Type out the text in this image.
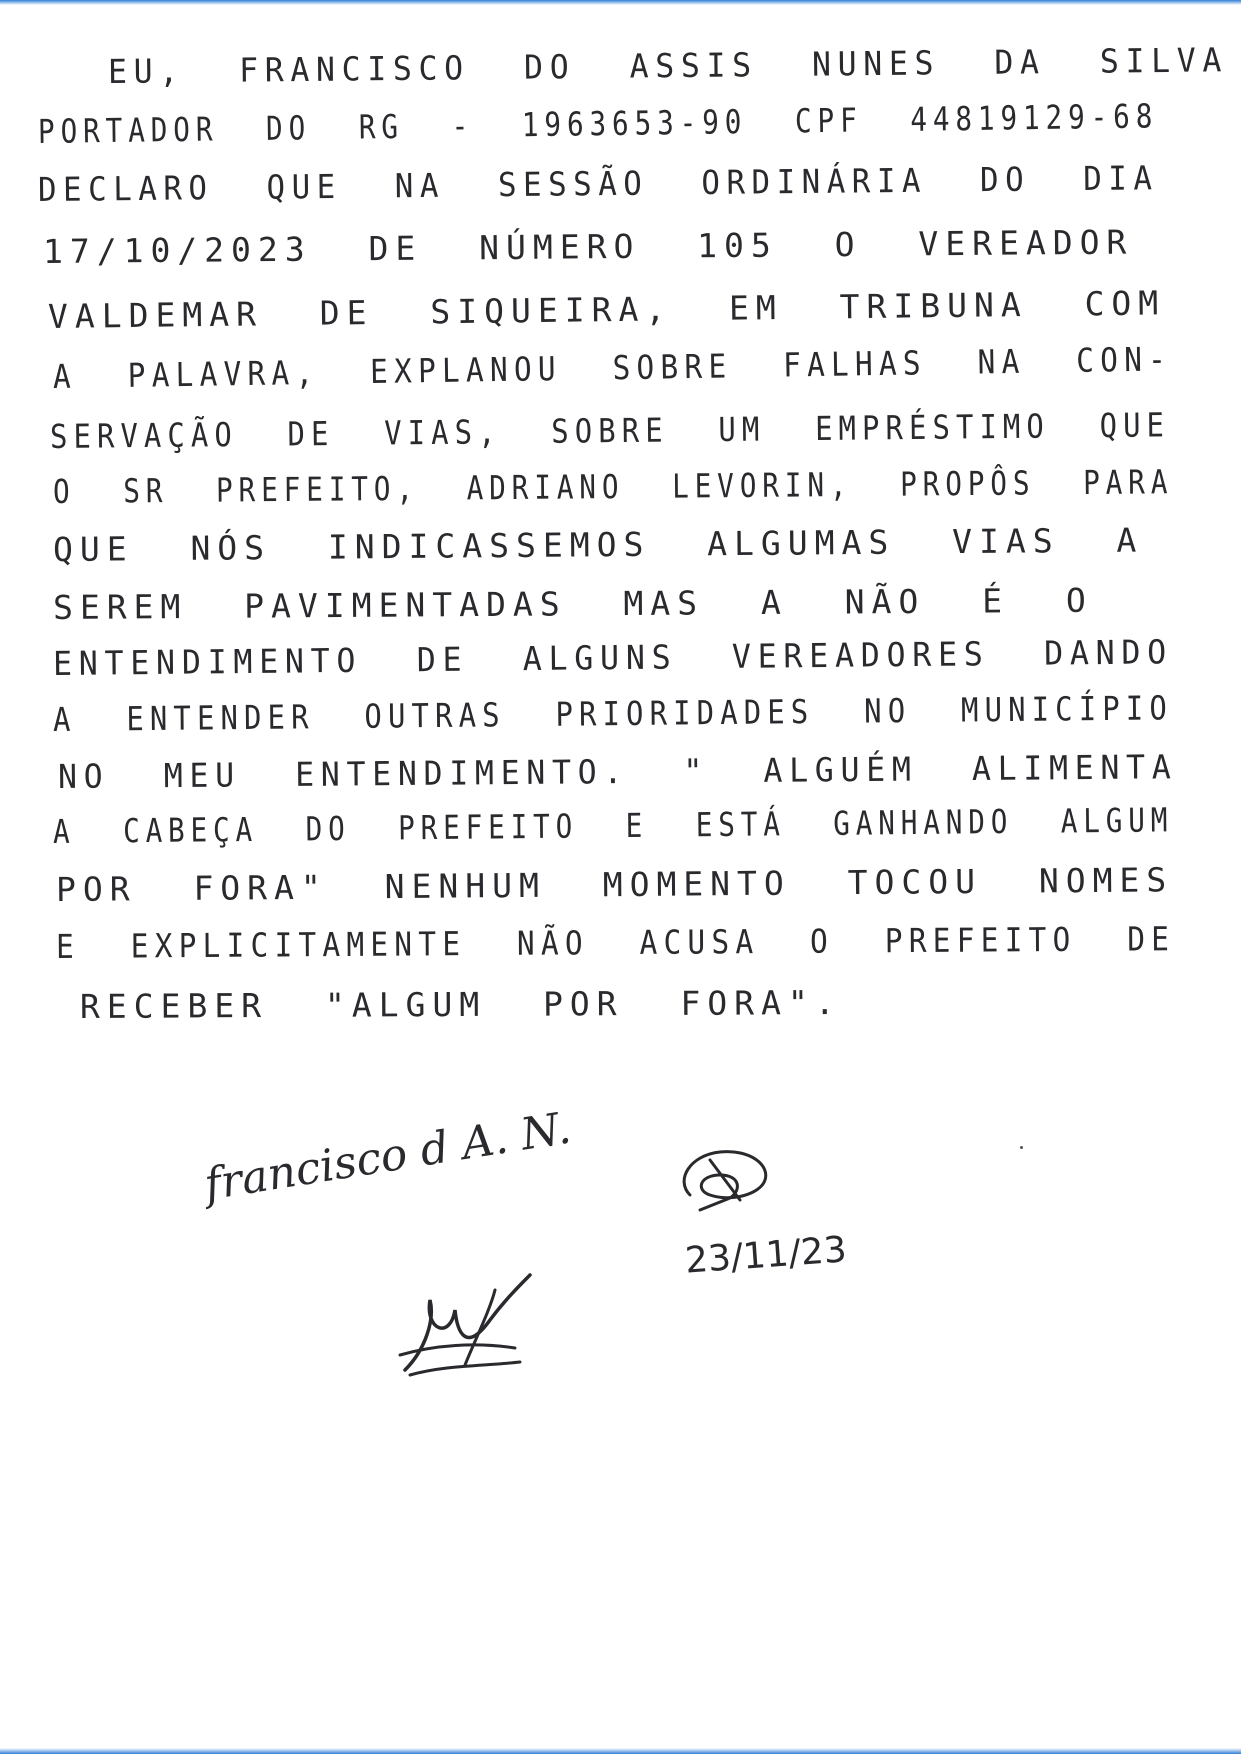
EU, FRANCISCO DO ASSIS NUNES DA SILVA
PORTADOR DO RG - 1963653-90 CPF 44819129-68
DECLARO QUE NA SESSÃO ORDINÁRIA DO DIA
17/10/2023 DE NÚMERO 105 O VEREADOR
VALDEMAR DE SIQUEIRA, EM TRIBUNA COM
A PALAVRA, EXPLANOU SOBRE FALHAS NA CON-
SERVAÇÃO DE VIAS, SOBRE UM EMPRÉSTIMO QUE
O SR PREFEITO, ADRIANO LEVORIN, PROPÔS PARA
QUE NÓS INDICASSEMOS ALGUMAS VIAS A
SEREM PAVIMENTADAS MAS A NÃO É O
ENTENDIMENTO DE ALGUNS VEREADORES DANDO
A ENTENDER OUTRAS PRIORIDADES NO MUNICÍPIO
NO MEU ENTENDIMENTO. " ALGUÉM ALIMENTA
A CABEÇA DO PREFEITO E ESTÁ GANHANDO ALGUM
POR FORA" NENHUM MOMENTO TOCOU NOMES
E EXPLICITAMENTE NÃO ACUSA O PREFEITO DE
RECEBER "ALGUM POR FORA".
francisco d A. N.
23/11/23
